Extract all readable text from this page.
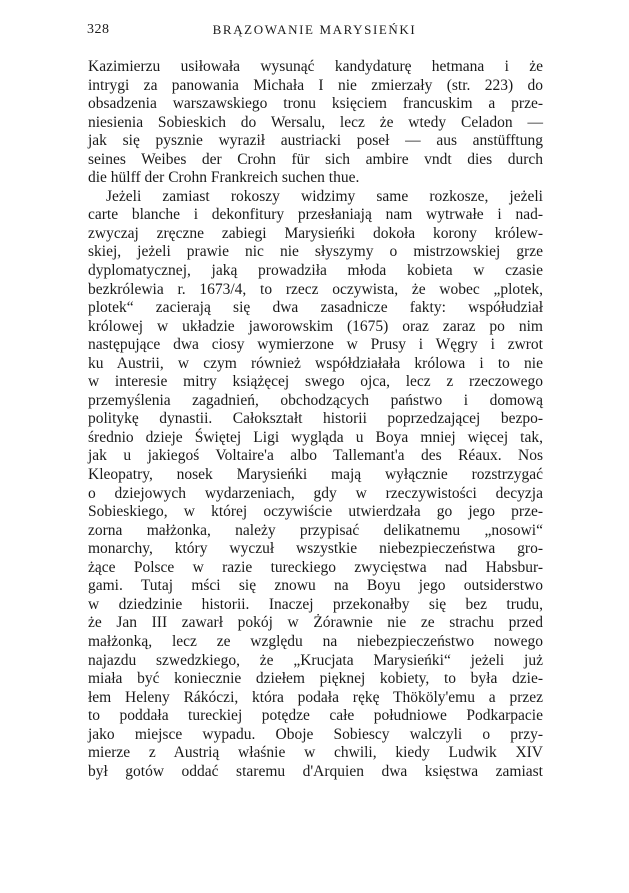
328	BRĄZOWANIE MARYSIEŃKI
Kazimierzu usiłowała wysunąć kandydaturę hetmana i że
intrygi za panowania Michała I nie zmierzały (str. 223) do
obsadzenia warszawskiego tronu księciem francuskim a prze-
niesienia Sobieskich do Wersalu, lecz że wtedy Celadon —
jak się pysznie wyraził austriacki poseł — aus anstüfftung
seines Weibes der Crohn für sich ambire vndt dies durch
die hülff der Crohn Frankreich suchen thue.
Jeżeli zamiast rokoszy widzimy same rozkosze, jeżeli
carte blanche i dekonfitury przesłaniają nam wytrwałe i nad-
zwyczaj zręczne zabiegi Marysieńki dokoła korony królew-
skiej, jeżeli prawie nic nie słyszymy o mistrzowskiej grze
dyplomatycznej, jaką prowadziła młoda kobieta w czasie
bezkrólewia r. 1673/4, to rzecz oczywista, że wobec „plotek,
plotek“ zacierają się dwa zasadnicze fakty: współudział
królowej w układzie jaworowskim (1675) oraz zaraz po nim
następujące dwa ciosy wymierzone w Prusy i Węgry i zwrot
ku Austrii, w czym również współdziałała królowa i to nie
w interesie mitry książęcej swego ojca, lecz z rzeczowego
przemyślenia zagadnień, obchodzących państwo i domową
politykę dynastii. Całokształt historii poprzedzającej bezpo-
średnio dzieje Świętej Ligi wygląda u Boya mniej więcej tak,
jak u jakiegoś Voltaire'a albo Tallemant'a des Réaux. Nos
Kleopatry, nosek Marysieńki mają wyłącznie rozstrzygać
o dziejowych wydarzeniach, gdy w rzeczywistości decyzja
Sobieskiego, w której oczywiście utwierdzała go jego prze-
zorna małżonka, należy przypisać delikatnemu „nosowi“
monarchy, który wyczuł wszystkie niebezpieczeństwa gro-
żące Polsce w razie tureckiego zwycięstwa nad Habsbur-
gami. Tutaj mści się znowu na Boyu jego outsiderstwo
w dziedzinie historii. Inaczej przekonałby się bez trudu,
że Jan III zawarł pokój w Żórawnie nie ze strachu przed
małżonką, lecz ze względu na niebezpieczeństwo nowego
najazdu szwedzkiego, że „Krucjata Marysieńki“ jeżeli już
miała być koniecznie dziełem pięknej kobiety, to była dzie-
łem Heleny Rákóczi, która podała rękę Thököly'emu a przez
to poddała tureckiej potędze całe południowe Podkarpacie
jako miejsce wypadu. Oboje Sobiescy walczyli o przy-
mierze z Austrią właśnie w chwili, kiedy Ludwik XIV
był gotów oddać staremu d'Arquien dwa księstwa zamiast
